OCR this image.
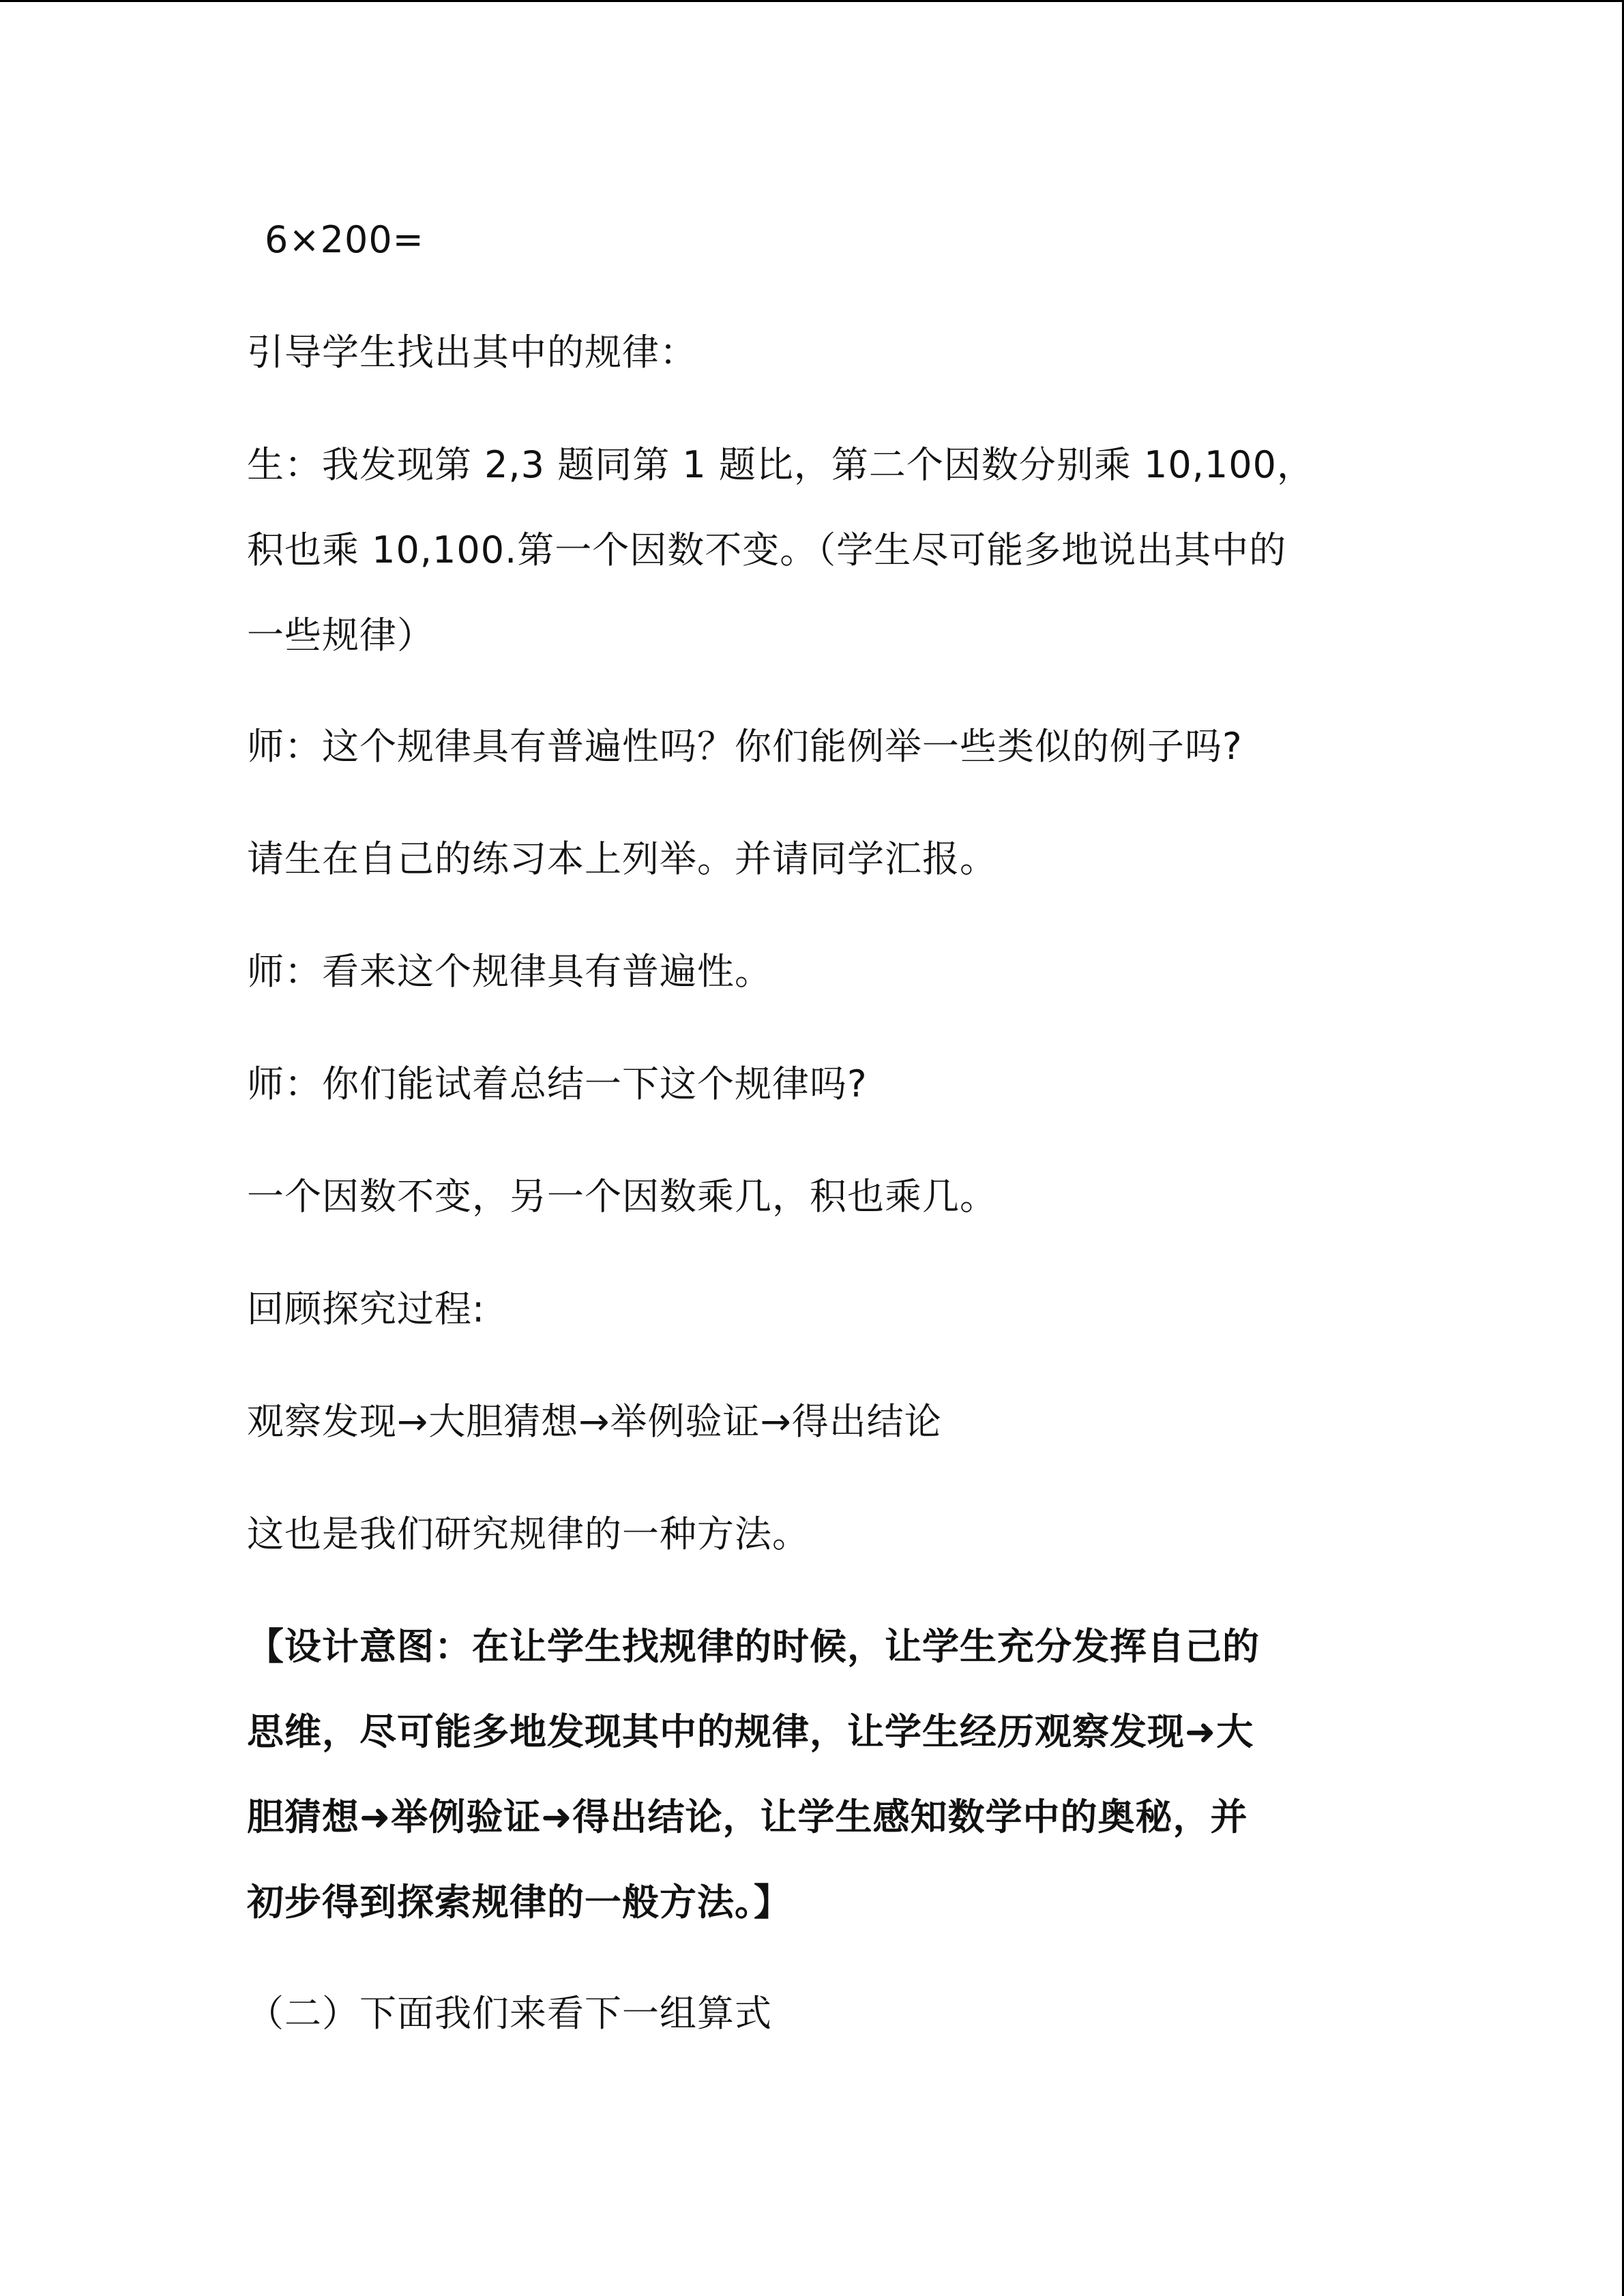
6×200=
引导学生找出其中的规律：
生：我发现第 2,3 题同第 1 题比，第二个因数分别乘 10,100，
积也乘 10,100.第一个因数不变。（学生尽可能多地说出其中的
一些规律）
师：这个规律具有普遍性吗？你们能例举一些类似的例子吗?
请生在自己的练习本上列举。并请同学汇报。
师：看来这个规律具有普遍性。
师：你们能试着总结一下这个规律吗?
一个因数不变，另一个因数乘几，积也乘几。
回顾探究过程:
观察发现→大胆猜想→举例验证→得出结论
这也是我们研究规律的一种方法。
【设计意图：在让学生找规律的时候，让学生充分发挥自己的
思维，尽可能多地发现其中的规律，让学生经历观察发现➜大
胆猜想➜举例验证➜得出结论，让学生感知数学中的奥秘，并
初步得到探索规律的一般方法。】
（二）下面我们来看下一组算式
